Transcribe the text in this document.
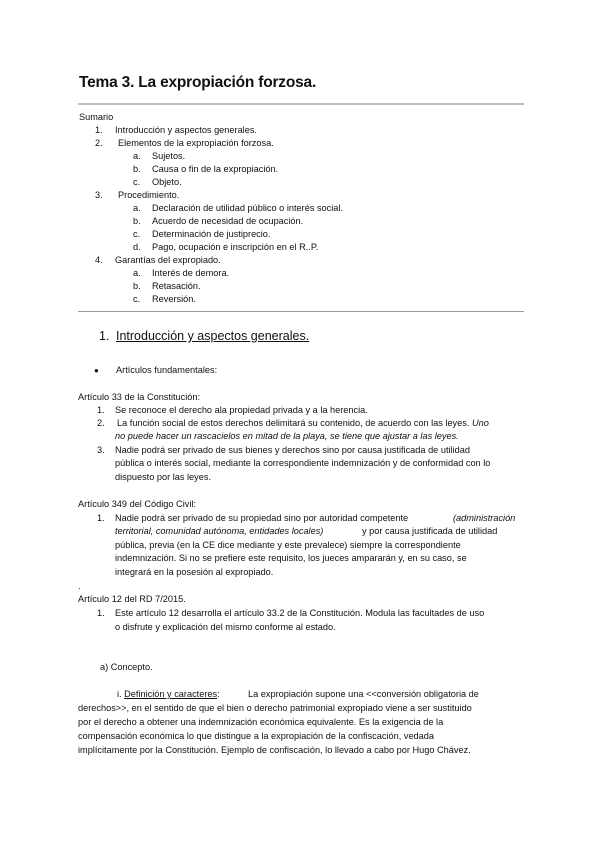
Tema 3. La expropiación forzosa.
Sumario
1. Introducción y aspectos generales.
2. Elementos de la expropiación forzosa.
a. Sujetos.
b. Causa o fin de la expropiación.
c. Objeto.
3. Procedimiento.
a. Declaración de utilidad público o interés social.
b. Acuerdo de necesidad de ocupación.
c. Determinación de justiprecio.
d. Pago, ocupación e inscripción en el R..P.
4. Garantías del expropiado.
a. Interés de demora.
b. Retasación.
c. Reversión.
1. Introducción y aspectos generales.
● Artículos fundamentales:
Artículo 33 de la Constitución:
1. Se reconoce el derecho ala propiedad privada y a la herencia.
2. La función social de estos derechos delimitará su contenido, de acuerdo con las leyes. Uno
no puede hacer un rascacielos en mitad de la playa, se tiene que ajustar a las leyes.
3. Nadie podrá ser privado de sus bienes y derechos sino por causa justificada de utilidad
pública o interés social, mediante la correspondiente indemnización y de conformidad con lo
dispuesto por las leyes.
Artículo 349 del Código Civil:
1. Nadie podrá ser privado de su propiedad sino por autoridad competente	(administración
territorial, comunidad autónoma, entidades locales)	y por causa justificada de utilidad
pública, previa (en la CE dice mediante y este prevalece) siempre la correspondiente
indemnización. Si no se prefiere este requisito, los jueces ampararán y, en su caso, se
integrará en la posesión al expropiado.
.
Artículo 12 del RD 7/2015.
1. Este artículo 12 desarrolla el artículo 33.2 de la Constitución. Modula las facultades de uso
o disfrute y explicación del mismo conforme al estado.
a) Concepto.
i. Definición y caracteres:	La expropiación supone una <<conversión obligatoria de
derechos>>, en el sentido de que el bien o derecho patrimonial expropiado viene a ser sustituido
por el derecho a obtener una indemnización económica equivalente. Es la exigencia de la
compensación económica lo que distingue a la expropiación de la confiscación, vedada
implícitamente por la Constitución. Ejemplo de confiscación, lo llevado a cabo por Hugo Chávez.
